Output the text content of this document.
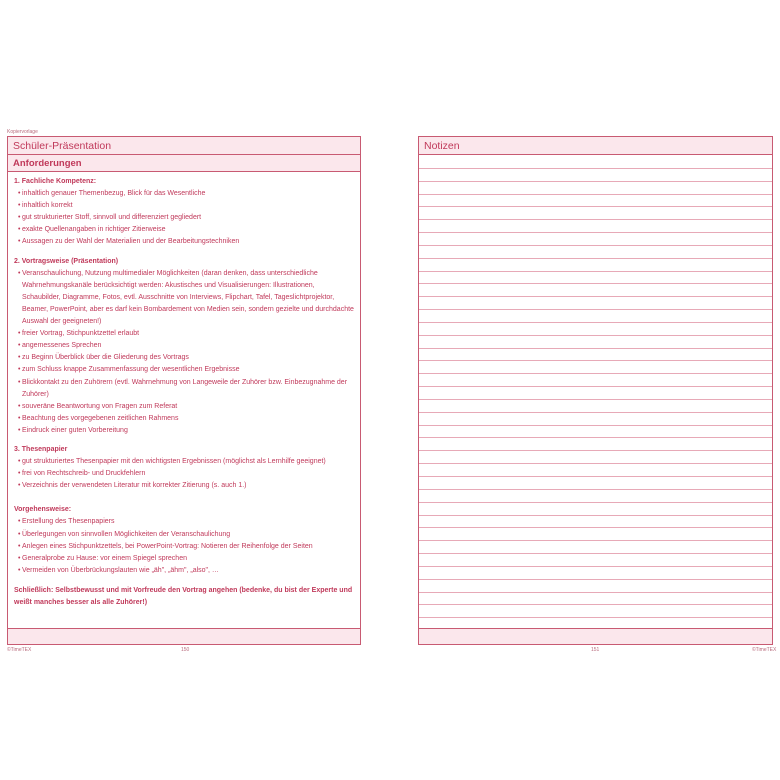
Kopiervorlage
Schüler-Präsentation
Anforderungen
1. Fachliche Kompetenz:
• inhaltlich genauer Themenbezug, Blick für das Wesentliche
• inhaltlich korrekt
• gut strukturierter Stoff, sinnvoll und differenziert gegliedert
• exakte Quellenangaben in richtiger Zitierweise
• Aussagen zu der Wahl der Materialien und der Bearbeitungstechniken
2. Vortragsweise (Präsentation)
• Veranschaulichung, Nutzung multimedialer Möglichkeiten (daran denken, dass unterschiedliche Wahrnehmungskanäle berücksichtigt werden: Akustisches und Visualisierungen: Illustrationen, Schaubilder, Diagramme, Fotos, evtl. Ausschnitte von Interviews, Flipchart, Tafel, Tageslichtprojektor, Beamer, PowerPoint, aber es darf kein Bombardement von Medien sein, sondern gezielte und durchdachte Auswahl der geeigneten!)
• freier Vortrag, Stichpunktzettel erlaubt
• angemessenes Sprechen
• zu Beginn Überblick über die Gliederung des Vortrags
• zum Schluss knappe Zusammenfassung der wesentlichen Ergebnisse
• Blickkontakt zu den Zuhörern (evtl. Wahrnehmung von Langeweile der Zuhörer bzw. Einbezugnahme der Zuhörer)
• souveräne Beantwortung von Fragen zum Referat
• Beachtung des vorgegebenen zeitlichen Rahmens
• Eindruck einer guten Vorbereitung
3. Thesenpapier
• gut strukturiertes Thesenpapier mit den wichtigsten Ergebnissen (möglichst als Lernhilfe geeignet)
• frei von Rechtschreib- und Druckfehlern
• Verzeichnis der verwendeten Literatur mit korrekter Zitierung (s. auch 1.)
Vorgehensweise:
• Erstellung des Thesenpapiers
• Überlegungen von sinnvollen Möglichkeiten der Veranschaulichung
• Anlegen eines Stichpunktzettels, bei PowerPoint-Vortrag: Notieren der Reihenfolge der Seiten
• Generalprobe zu Hause: vor einem Spiegel sprechen
• Vermeiden von Überbrückungslauten wie „äh", „ähm", „also", …
Schließlich: Selbstbewusst und mit Vorfreude den Vortrag angehen (bedenke, du bist der Experte und weißt manches besser als alle Zuhörer!)
Notizen
©TimeTEX	150	151	©TimeTEX
